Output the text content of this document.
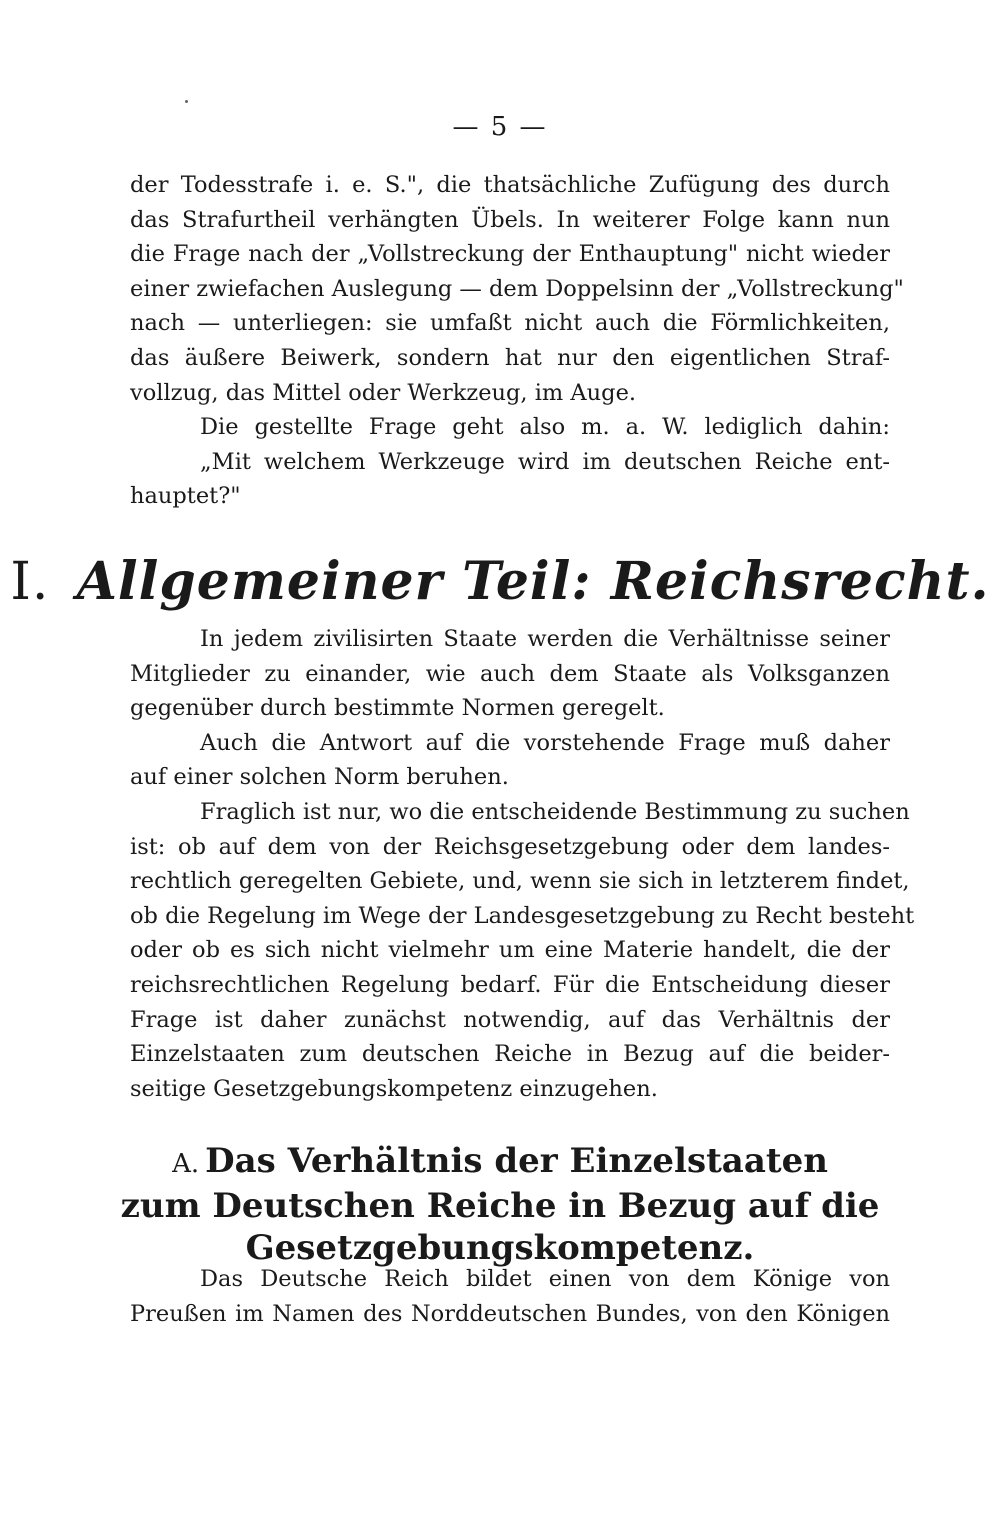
— 5 —
der Todesstrafe i. e. S.", die thatsächliche Zufügung des durch
das Strafurtheil verhängten Übels. In weiterer Folge kann nun
die Frage nach der „Vollstreckung der Enthauptung" nicht wieder
einer zwiefachen Auslegung — dem Doppelsinn der „Vollstreckung"
nach — unterliegen: sie umfaßt nicht auch die Förmlichkeiten,
das äußere Beiwerk, sondern hat nur den eigentlichen Straf-
vollzug, das Mittel oder Werkzeug, im Auge.
Die gestellte Frage geht also m. a. W. lediglich dahin:
„Mit welchem Werkzeuge wird im deutschen Reiche ent-
hauptet?"
I. Allgemeiner Teil: Reichsrecht.
In jedem zivilisirten Staate werden die Verhältnisse seiner
Mitglieder zu einander, wie auch dem Staate als Volksganzen
gegenüber durch bestimmte Normen geregelt.
Auch die Antwort auf die vorstehende Frage muß daher
auf einer solchen Norm beruhen.
Fraglich ist nur, wo die entscheidende Bestimmung zu suchen
ist: ob auf dem von der Reichsgesetzgebung oder dem landes-
rechtlich geregelten Gebiete, und, wenn sie sich in letzterem findet,
ob die Regelung im Wege der Landesgesetzgebung zu Recht besteht
oder ob es sich nicht vielmehr um eine Materie handelt, die der
reichsrechtlichen Regelung bedarf. Für die Entscheidung dieser
Frage ist daher zunächst notwendig, auf das Verhältnis der
Einzelstaaten zum deutschen Reiche in Bezug auf die beider-
seitige Gesetzgebungskompetenz einzugehen.
A. Das Verhältnis der Einzelstaaten
zum Deutschen Reiche in Bezug auf die
Gesetzgebungskompetenz.
Das Deutsche Reich bildet einen von dem Könige von
Preußen im Namen des Norddeutschen Bundes, von den Königen
